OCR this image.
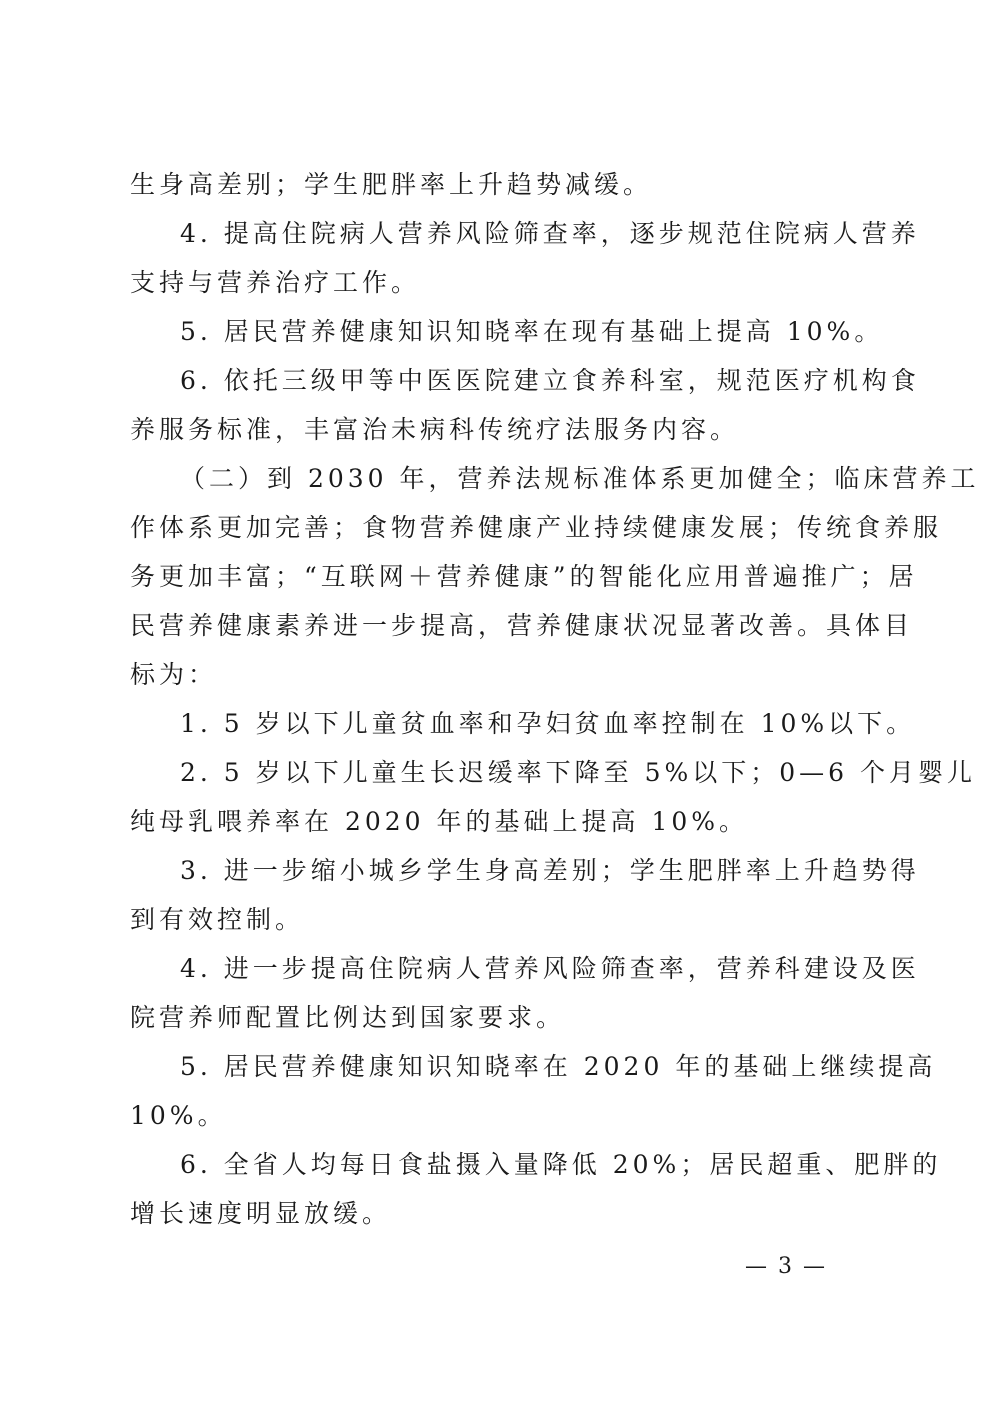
生身高差别；学生肥胖率上升趋势减缓。
4. 提高住院病人营养风险筛查率，逐步规范住院病人营养
支持与营养治疗工作。
5. 居民营养健康知识知晓率在现有基础上提高 10%。
6. 依托三级甲等中医医院建立食养科室，规范医疗机构食
养服务标准，丰富治未病科传统疗法服务内容。
（二）到 2030 年，营养法规标准体系更加健全；临床营养工
作体系更加完善；食物营养健康产业持续健康发展；传统食养服
务更加丰富；“互联网＋营养健康”的智能化应用普遍推广；居
民营养健康素养进一步提高，营养健康状况显著改善。具体目
标为：
1. 5 岁以下儿童贫血率和孕妇贫血率控制在 10%以下。
2. 5 岁以下儿童生长迟缓率下降至 5%以下；0—6 个月婴儿
纯母乳喂养率在 2020 年的基础上提高 10%。
3. 进一步缩小城乡学生身高差别；学生肥胖率上升趋势得
到有效控制。
4. 进一步提高住院病人营养风险筛查率，营养科建设及医
院营养师配置比例达到国家要求。
5. 居民营养健康知识知晓率在 2020 年的基础上继续提高
10%。
6. 全省人均每日食盐摄入量降低 20%；居民超重、肥胖的
增长速度明显放缓。
— 3 —
